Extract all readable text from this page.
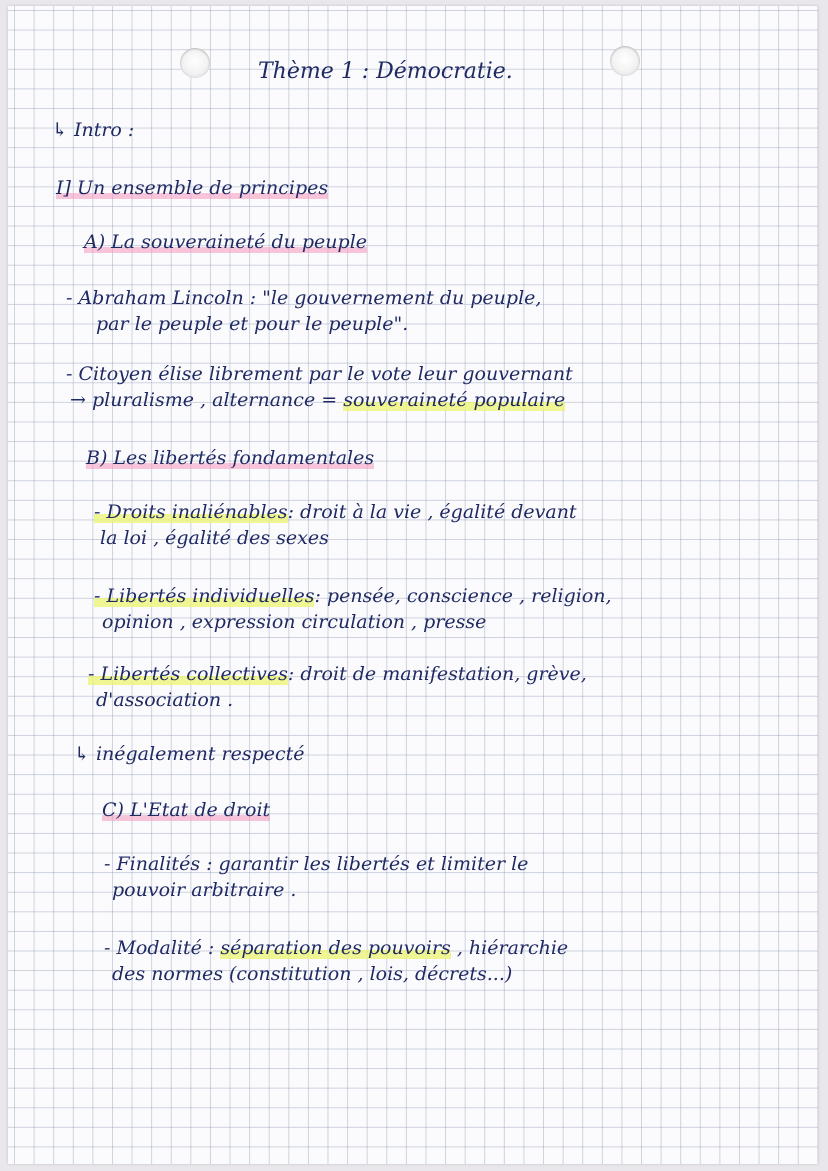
Thème 1 : Démocratie.
↳ Intro :
I] Un ensemble de principes
A) La souveraineté du peuple
- Abraham Lincoln : "le gouvernement du peuple,
par le peuple et pour le peuple".
- Citoyen élise librement par le vote leur gouvernant
→ pluralisme , alternance = souveraineté populaire
B) Les libertés fondamentales
- Droits inaliénables: droit à la vie , égalité devant
la loi , égalité des sexes
- Libertés individuelles: pensée, conscience , religion,
opinion , expression circulation , presse
- Libertés collectives: droit de manifestation, grève,
d'association .
↳ inégalement respecté
C) L'Etat de droit
- Finalités : garantir les libertés et limiter le
pouvoir arbitraire .
- Modalité : séparation des pouvoirs , hiérarchie
des normes (constitution , lois, décrets...)
